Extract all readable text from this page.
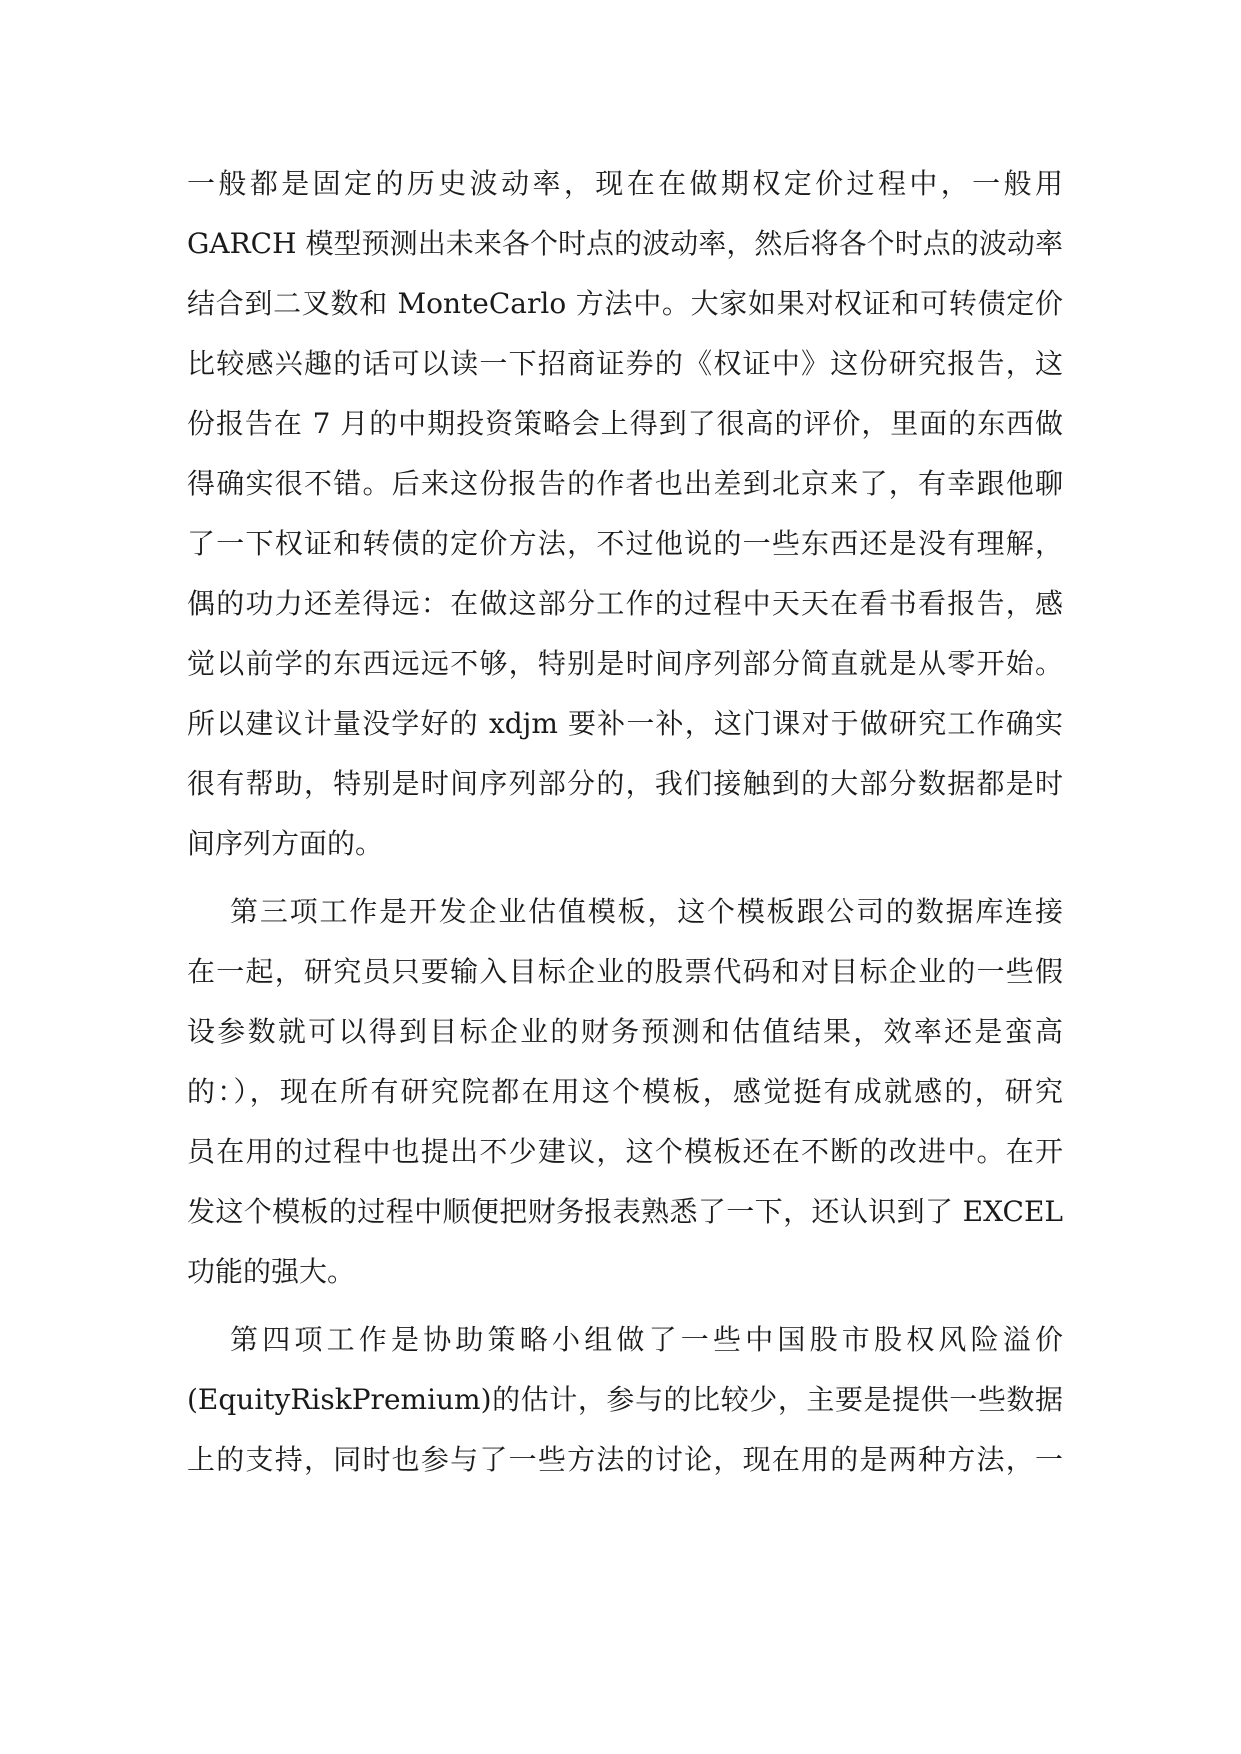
一般都是固定的历史波动率，现在在做期权定价过程中，一般用
GARCH 模型预测出未来各个时点的波动率，然后将各个时点的波动率
结合到二叉数和 MonteCarlo 方法中。大家如果对权证和可转债定价
比较感兴趣的话可以读一下招商证券的《权证中》这份研究报告，这
份报告在 7 月的中期投资策略会上得到了很高的评价，里面的东西做
得确实很不错。后来这份报告的作者也出差到北京来了，有幸跟他聊
了一下权证和转债的定价方法，不过他说的一些东西还是没有理解，
偶的功力还差得远：在做这部分工作的过程中天天在看书看报告，感
觉以前学的东西远远不够，特别是时间序列部分简直就是从零开始。
所以建议计量没学好的 xdjm 要补一补，这门课对于做研究工作确实
很有帮助，特别是时间序列部分的，我们接触到的大部分数据都是时
间序列方面的。
第三项工作是开发企业估值模板，这个模板跟公司的数据库连接
在一起，研究员只要输入目标企业的股票代码和对目标企业的一些假
设参数就可以得到目标企业的财务预测和估值结果，效率还是蛮高
的：），现在所有研究院都在用这个模板，感觉挺有成就感的，研究
员在用的过程中也提出不少建议，这个模板还在不断的改进中。在开
发这个模板的过程中顺便把财务报表熟悉了一下，还认识到了 EXCEL
功能的强大。
第四项工作是协助策略小组做了一些中国股市股权风险溢价
(EquityRiskPremium)的估计，参与的比较少，主要是提供一些数据
上的支持，同时也参与了一些方法的讨论，现在用的是两种方法，一
